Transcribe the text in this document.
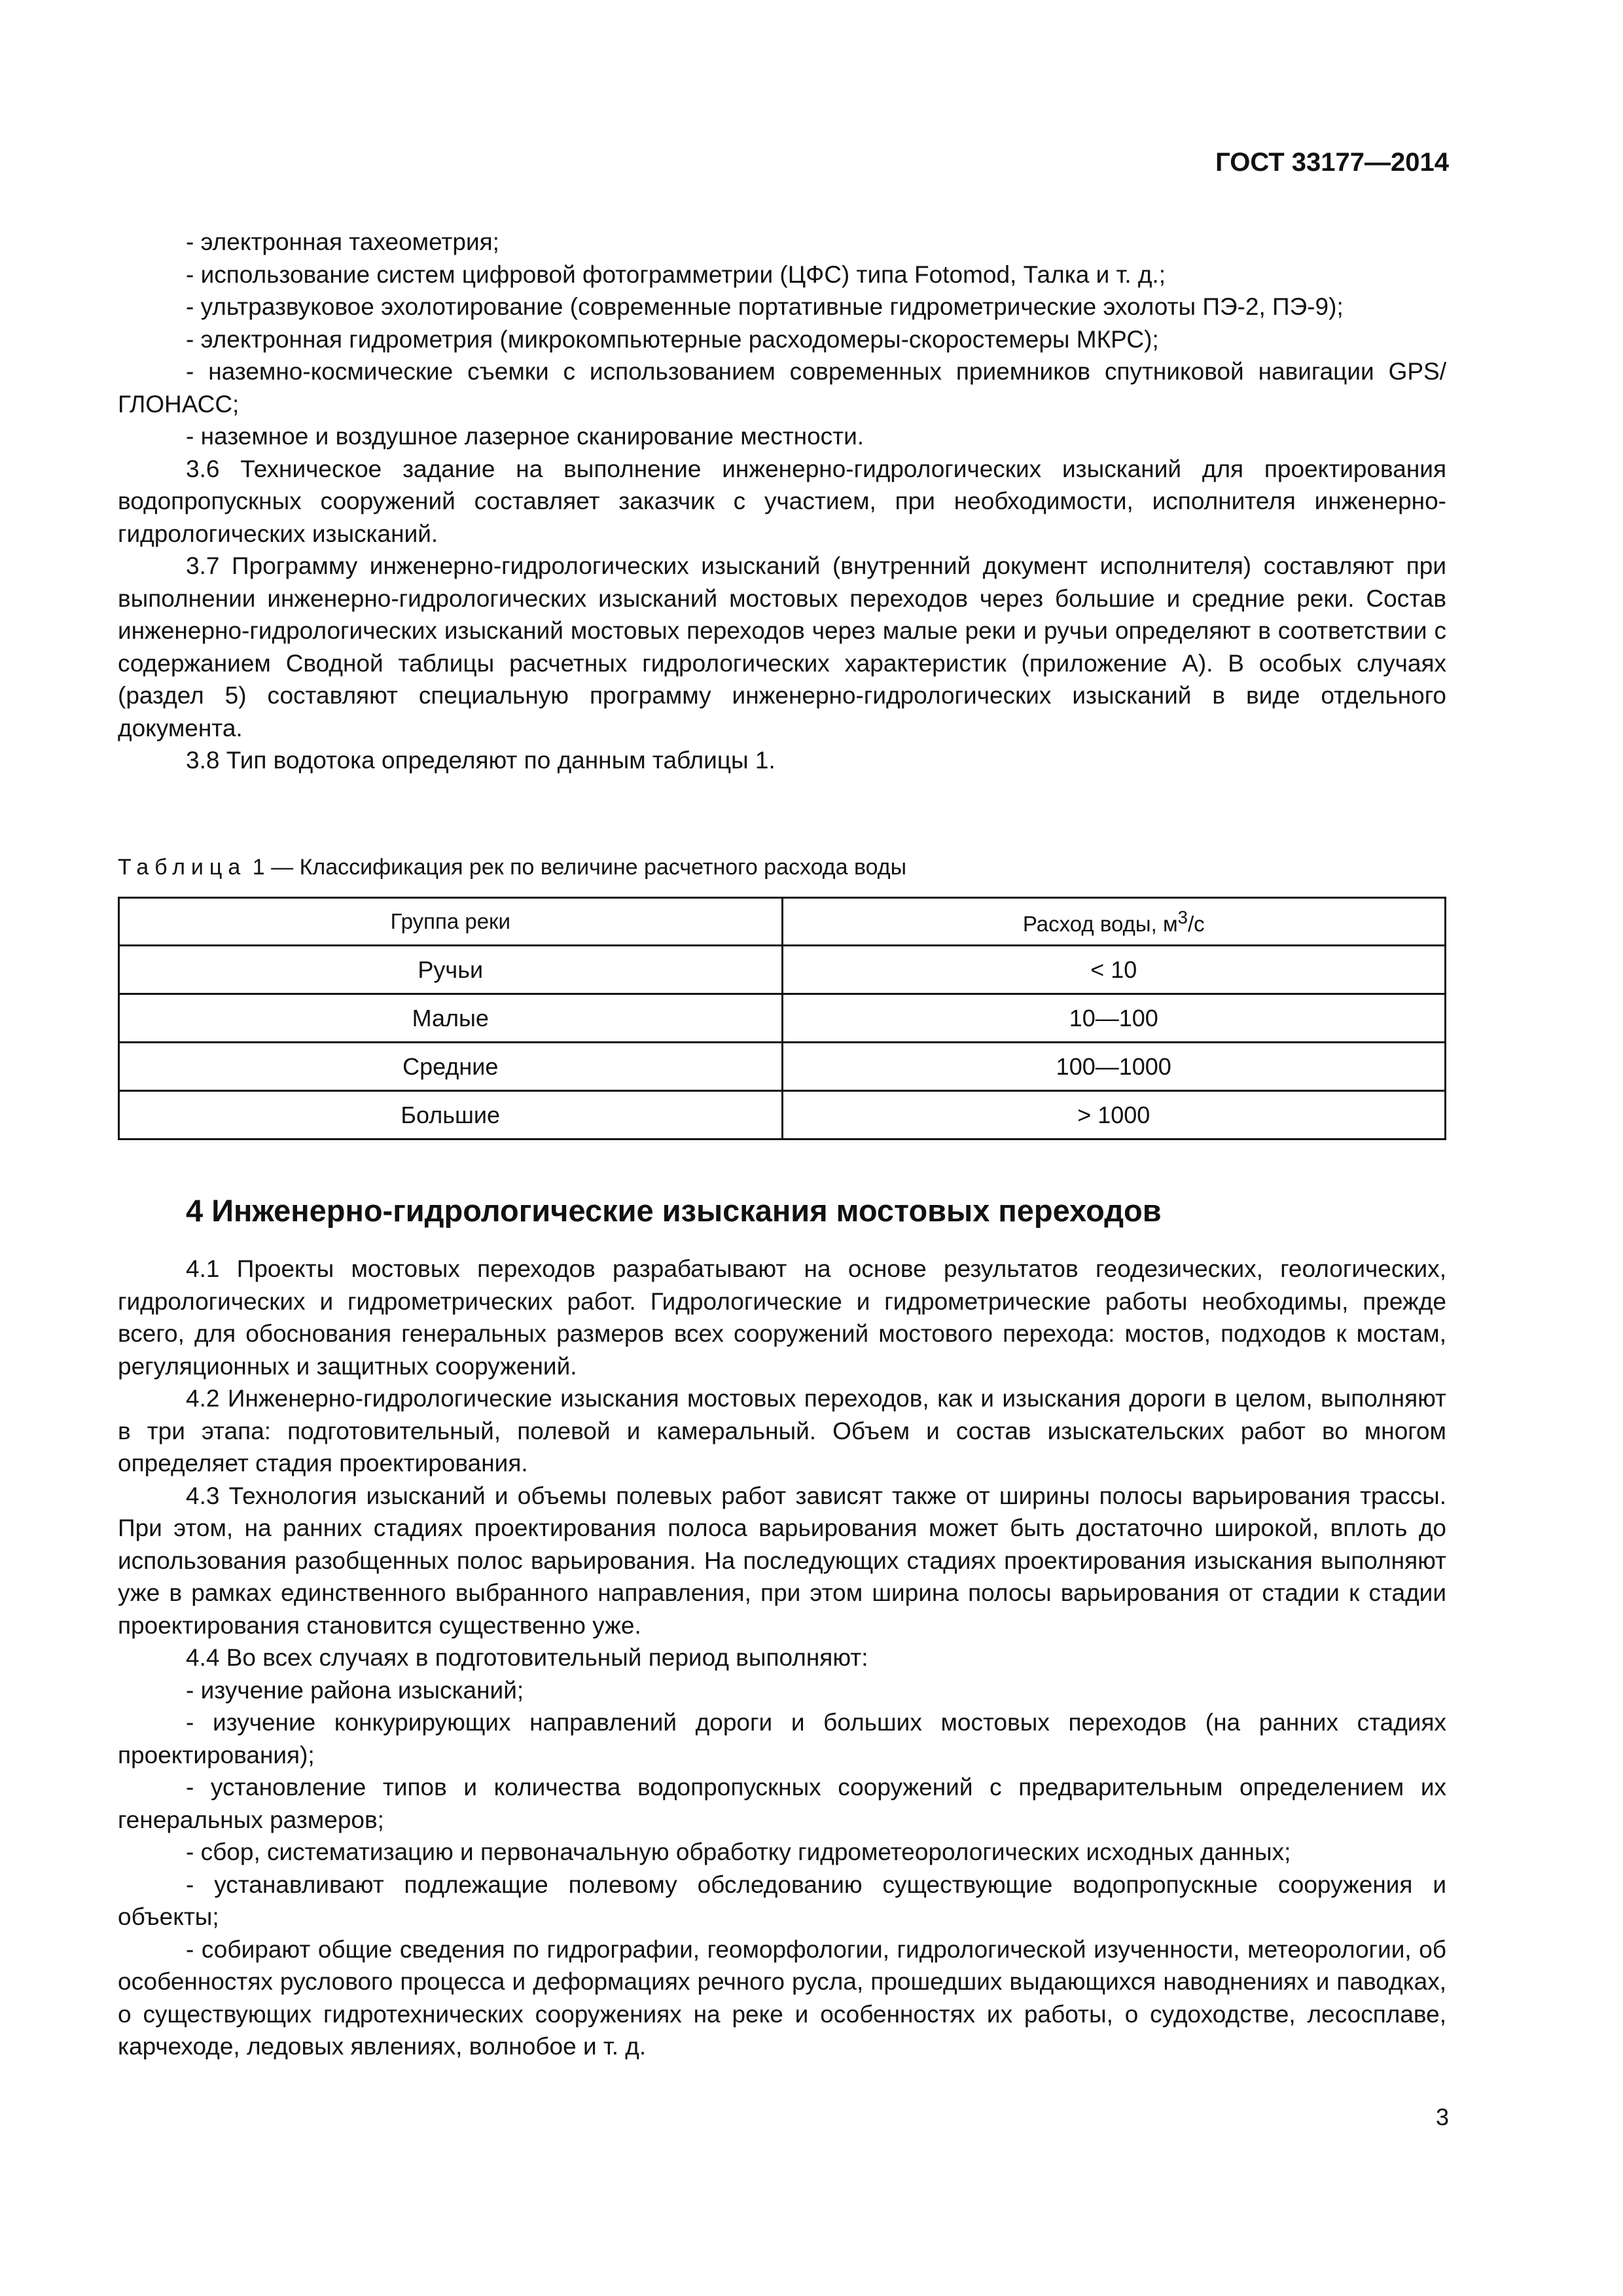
ГОСТ 33177—2014

- электронная тахеометрия;

- использование систем цифровой фотограмметрии (ЦФС) типа Fotomod, Талка и т. д.;

- ультразвуковое эхолотирование (современные портативные гидрометрические эхолоты ПЭ-2, ПЭ-9);

- электронная гидрометрия (микрокомпьютерные расходомеры-скоростемеры МКРС);

- наземно-космические съемки с использованием современных приемников спутниковой навигации GPS/ГЛОНАСС;

- наземное и воздушное лазерное сканирование местности.

3.6 Техническое задание на выполнение инженерно-гидрологических изысканий для проектирования водопропускных сооружений составляет заказчик с участием, при необходимости, исполнителя инженерно-гидрологических изысканий.

3.7 Программу инженерно-гидрологических изысканий (внутренний документ исполнителя) составляют при выполнении инженерно-гидрологических изысканий мостовых переходов через большие и средние реки. Состав инженерно-гидрологических изысканий мостовых переходов через малые реки и ручьи определяют в соответствии с содержанием Сводной таблицы расчетных гидрологических характеристик (приложение А). В особых случаях (раздел 5) составляют специальную программу инженерно-гидрологических изысканий в виде отдельного документа.

3.8 Тип водотока определяют по данным таблицы 1.

Таблица 1 — Классификация рек по величине расчетного расхода воды
Группа реки	Расход воды, $м^3/с$
Ручьи	< 10
Малые	10—100
Средние	100—1000
Большие	> 1000
4 Инженерно-гидрологические изыскания мостовых переходов

4.1 Проекты мостовых переходов разрабатывают на основе результатов геодезических, геологических, гидрологических и гидрометрических работ. Гидрологические и гидрометрические работы необходимы, прежде всего, для обоснования генеральных размеров всех сооружений мостового перехода: мостов, подходов к мостам, регуляционных и защитных сооружений.

4.2 Инженерно-гидрологические изыскания мостовых переходов, как и изыскания дороги в целом, выполняют в три этапа: подготовительный, полевой и камеральный. Объем и состав изыскательских работ во многом определяет стадия проектирования.

4.3 Технология изысканий и объемы полевых работ зависят также от ширины полосы варьирования трассы. При этом, на ранних стадиях проектирования полоса варьирования может быть достаточно широкой, вплоть до использования разобщенных полос варьирования. На последующих стадиях проектирования изыскания выполняют уже в рамках единственного выбранного направления, при этом ширина полосы варьирования от стадии к стадии проектирования становится существенно уже.

4.4 Во всех случаях в подготовительный период выполняют:

- изучение района изысканий;

- изучение конкурирующих направлений дороги и больших мостовых переходов (на ранних стадиях проектирования);

- установление типов и количества водопропускных сооружений с предварительным определением их генеральных размеров;

- сбор, систематизацию и первоначальную обработку гидрометеорологических исходных данных;

- устанавливают подлежащие полевому обследованию существующие водопропускные сооружения и объекты;

- собирают общие сведения по гидрографии, геоморфологии, гидрологической изученности, метеорологии, об особенностях руслового процесса и деформациях речного русла, прошедших выдающихся наводнениях и паводках, о существующих гидротехнических сооружениях на реке и особенностях их работы, о судоходстве, лесосплаве, карчеходе, ледовых явлениях, волнобое и т. д.

3
